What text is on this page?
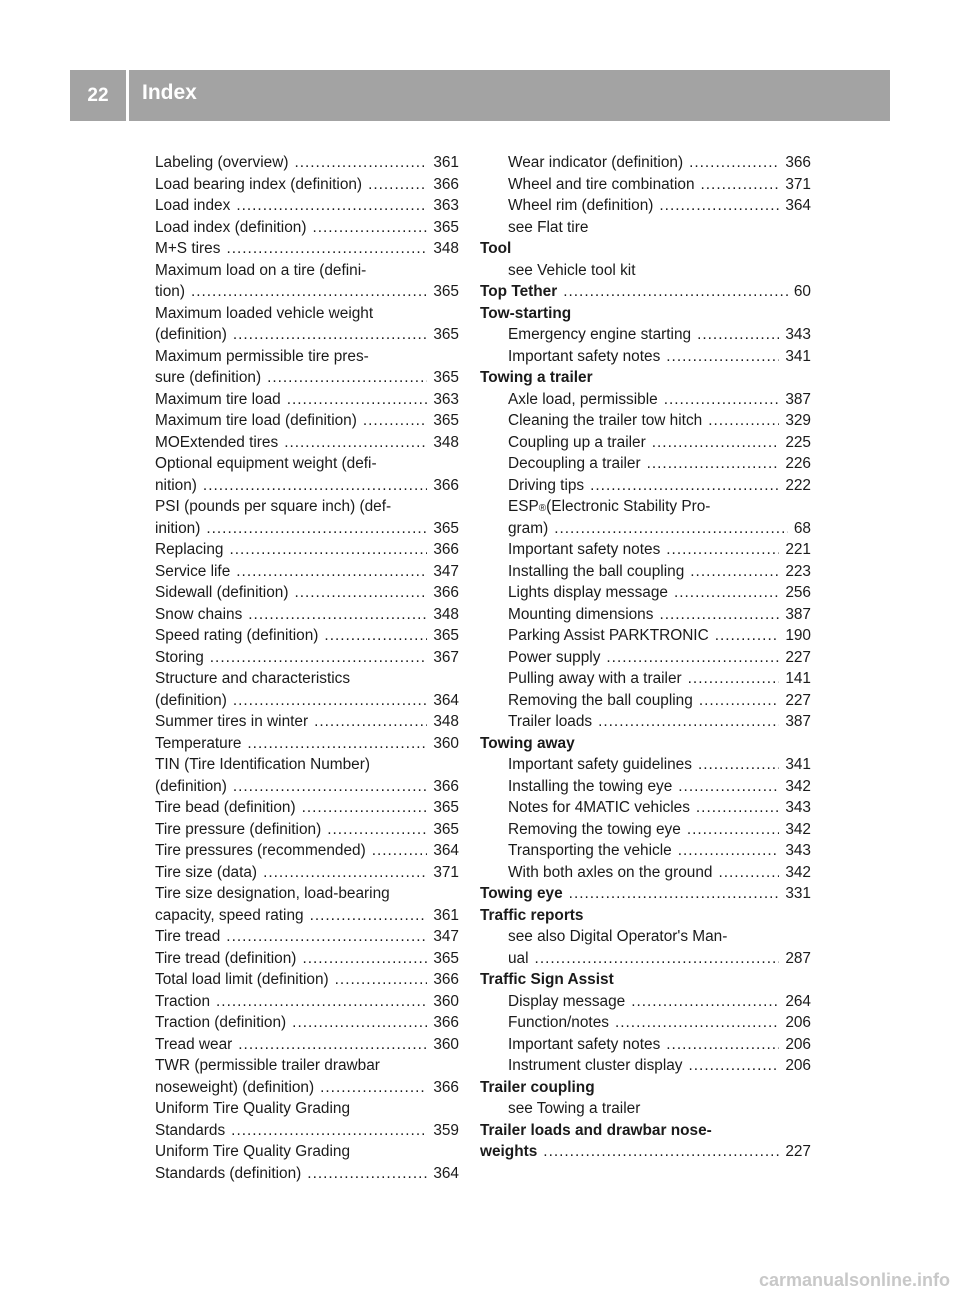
22	Index
Labeling (overview) .....	361
Load bearing index (definition) .....	366
Load index .....	363
Load index (definition) .....	365
M+S tires .....	348
Maximum load on a tire (defini-
tion) .....	365
Maximum loaded vehicle weight
(definition) .....	365
Maximum permissible tire pres-
sure (definition) .....	365
Maximum tire load .....	363
Maximum tire load (definition) .....	365
MOExtended tires .....	348
Optional equipment weight (defi-
nition) .....	366
PSI (pounds per square inch) (def-
inition) .....	365
Replacing .....	366
Service life .....	347
Sidewall (definition) .....	366
Snow chains .....	348
Speed rating (definition) .....	365
Storing .....	367
Structure and characteristics
(definition) .....	364
Summer tires in winter .....	348
Temperature .....	360
TIN (Tire Identification Number)
(definition) .....	366
Tire bead (definition) .....	365
Tire pressure (definition) .....	365
Tire pressures (recommended) .....	364
Tire size (data) .....	371
Tire size designation, load-bearing
capacity, speed rating .....	361
Tire tread .....	347
Tire tread (definition) .....	365
Total load limit (definition) .....	366
Traction .....	360
Traction (definition) .....	366
Tread wear .....	360
TWR (permissible trailer drawbar
noseweight) (definition) .....	366
Uniform Tire Quality Grading
Standards .....	359
Uniform Tire Quality Grading
Standards (definition) .....	364
Wear indicator (definition) .....	366
Wheel and tire combination .....	371
Wheel rim (definition) .....	364
see Flat tire
Tool
see Vehicle tool kit
Top Tether .....	60
Tow-starting
Emergency engine starting .....	343
Important safety notes .....	341
Towing a trailer
Axle load, permissible .....	387
Cleaning the trailer tow hitch .....	329
Coupling up a trailer .....	225
Decoupling a trailer .....	226
Driving tips .....	222
ESP ® (Electronic Stability Pro-
gram) .....	68
Important safety notes .....	221
Installing the ball coupling .....	223
Lights display message .....	256
Mounting dimensions .....	387
Parking Assist PARKTRONIC .....	190
Power supply .....	227
Pulling away with a trailer .....	141
Removing the ball coupling .....	227
Trailer loads .....	387
Towing away
Important safety guidelines .....	341
Installing the towing eye .....	342
Notes for 4MATIC vehicles .....	343
Removing the towing eye .....	342
Transporting the vehicle .....	343
With both axles on the ground .....	342
Towing eye .....	331
Traffic reports
see also Digital Operator's Man-
ual .....	287
Traffic Sign Assist
Display message .....	264
Function/notes .....	206
Important safety notes .....	206
Instrument cluster display .....	206
Trailer coupling
see Towing a trailer
Trailer loads and drawbar nose-
weights .....	227
carmanualsonline.info
